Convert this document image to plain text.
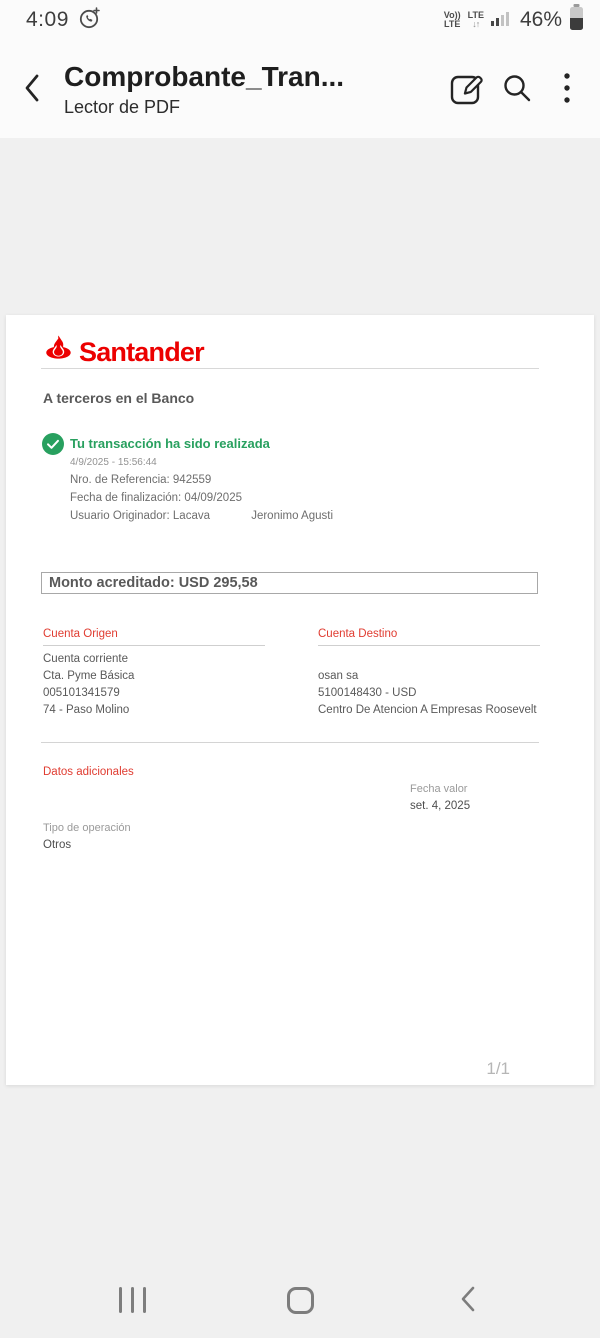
4:09	Vo))
LTE
LTE
↓↑ 46%
Comprobante_Tran...
Lector de PDF
Santander
A terceros en el Banco
Tu transacción ha sido realizada
4/9/2025 - 15:56:44
Nro. de Referencia: 942559
Fecha de finalización: 04/09/2025
Usuario Originador: Lacava	Jeronimo Agusti
Monto acreditado: USD 295,58
Cuenta Origen
Cuenta corriente
Cta. Pyme Básica
005101341579
74 - Paso Molino
Cuenta Destino
osan sa
5100148430 - USD
Centro De Atencion A Empresas Roosevelt
Datos adicionales
Fecha valor
set. 4, 2025
Tipo de operación
Otros
1/1
